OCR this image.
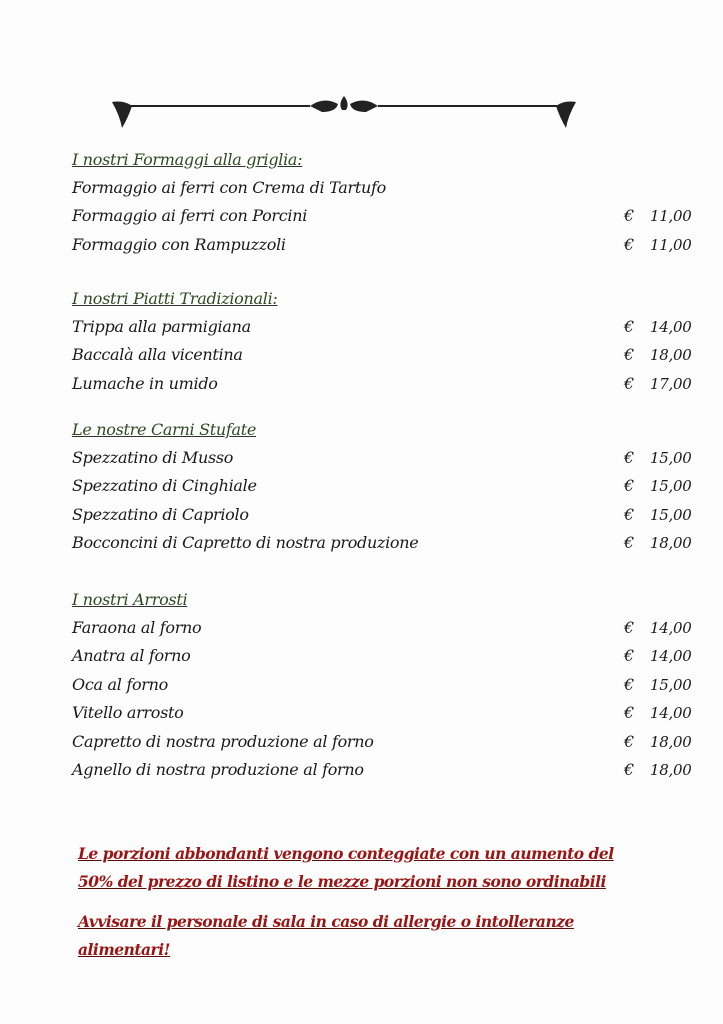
I nostri Formaggi alla griglia:
Formaggio ai ferri con Crema di Tartufo
Formaggio ai ferri con Porcini	€ 11,00
Formaggio con Rampuzzoli	€ 11,00
I nostri Piatti Tradizionali:
Trippa alla parmigiana	€ 14,00
Baccalà alla vicentina	€ 18,00
Lumache in umido	€ 17,00
Le nostre Carni Stufate
Spezzatino di Musso	€ 15,00
Spezzatino di Cinghiale	€ 15,00
Spezzatino di Capriolo	€ 15,00
Bocconcini di Capretto di nostra produzione	€ 18,00
I nostri Arrosti
Faraona al forno	€ 14,00
Anatra al forno	€ 14,00
Oca al forno	€ 15,00
Vitello arrosto	€ 14,00
Capretto di nostra produzione al forno	€ 18,00
Agnello di nostra produzione al forno	€ 18,00
Le porzioni abbondanti vengono conteggiate con un aumento del 50% del prezzo di listino e le mezze porzioni non sono ordinabili
Avvisare il personale di sala in caso di allergie o intolleranze alimentari!
